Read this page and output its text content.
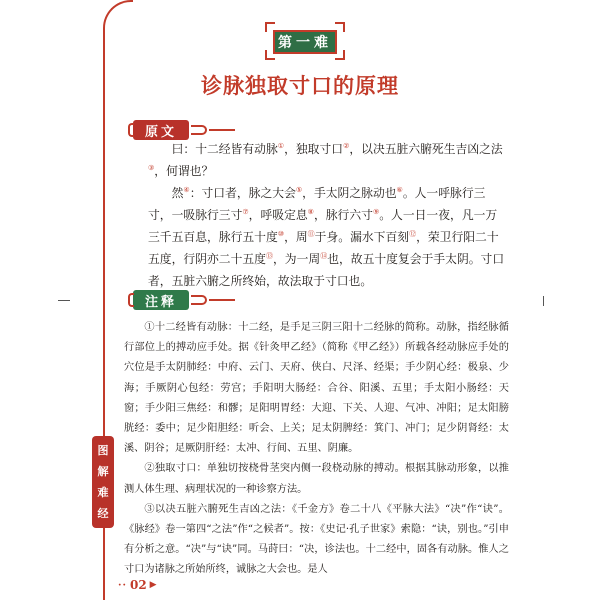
第一难
诊脉独取寸口的原理
原文

曰：十二经皆有动脉①，独取寸口②，以决五脏六腑死生吉凶之法③，何谓也？

然④：寸口者，脉之大会⑤，手太阴之脉动也⑥。人一呼脉行三寸，一吸脉行三寸⑦，呼吸定息⑧，脉行六寸⑨。人一日一夜，凡一万三千五百息，脉行五十度⑩，周⑪于身。漏水下百刻⑫，荣卫行阳二十五度，行阴亦二十五度⑬，为一周⑭也，故五十度复会于手太阴。寸口者，五脏六腑之所终始，故法取于寸口也。

注释

①十二经皆有动脉：十二经，是手足三阴三阳十二经脉的简称。动脉，指经脉循行部位上的搏动应手处。据《针灸甲乙经》（简称《甲乙经》）所载各经动脉应手处的穴位是手太阴肺经：中府、云门、天府、侠白、尺泽、经渠；手少阴心经：极泉、少海；手厥阴心包经：劳宫；手阳明大肠经：合谷、阳溪、五里；手太阳小肠经：天窗；手少阳三焦经：和髎；足阳明胃经：大迎、下关、人迎、气冲、冲阳；足太阳膀胱经：委中；足少阳胆经：听会、上关；足太阴脾经：箕门、冲门；足少阴肾经：太溪、阴谷；足厥阴肝经：太冲、行间、五里、阴廉。

②独取寸口：单独切按桡骨茎突内侧一段桡动脉的搏动。根据其脉动形象，以推测人体生理、病理状况的一种诊察方法。

③以决五脏六腑死生吉凶之法：《千金方》卷二十八《平脉大法》“决”作“诀”。《脉经》卷一第四“之法”作“之候者”。按：《史记·孔子世家》索隐：“诀，别也。”引申有分析之意。“决”与“诀”同。马莳曰：“决，诊法也。十二经中，固各有动脉。惟人之寸口为诸脉之所始所终，诚脉之大会也。是人

图
解
难
经
·· 02 ▶
